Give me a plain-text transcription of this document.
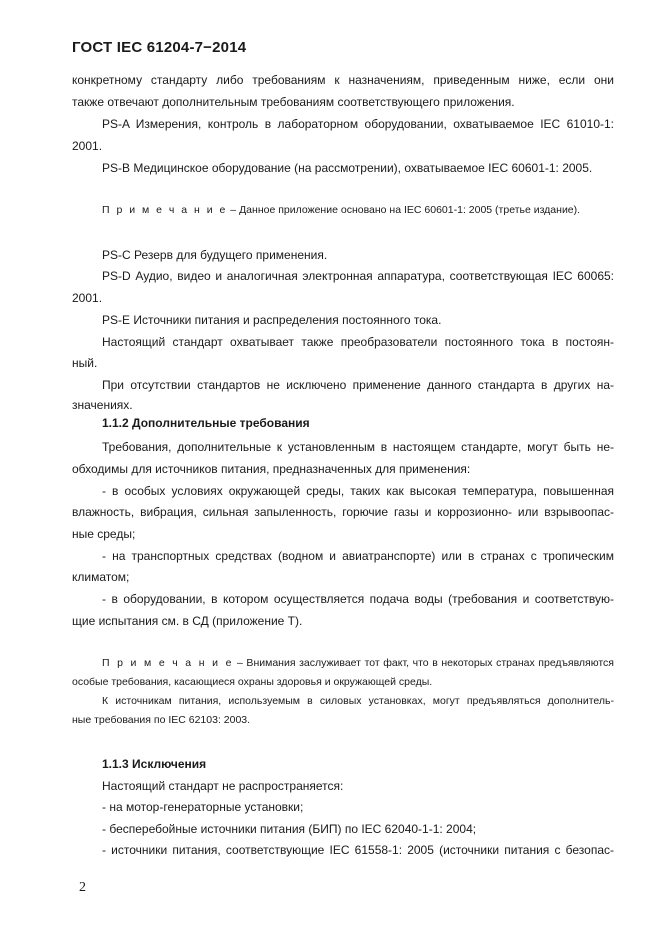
ГОСТ IEC 61204-7−2014
конкретному стандарту либо требованиям к назначениям, приведенным ниже, если они
также отвечают дополнительным требованиям соответствующего приложения.
PS-A Измерения, контроль в лабораторном оборудовании, охватываемое IEC 61010-1:
2001.
PS-B Медицинское оборудование (на рассмотрении), охватываемое IEC 60601-1: 2005.
П р и м е ч а н и е – Данное приложение основано на IEC 60601-1: 2005 (третье издание).
PS-C Резерв для будущего применения.
PS-D Аудио, видео и аналогичная электронная аппаратура, соответствующая IEC 60065:
2001.
PS-E Источники питания и распределения постоянного тока.
Настоящий стандарт охватывает также преобразователи постоянного тока в постоян-
ный.
При отсутствии стандартов не исключено применение данного стандарта в других на-
значениях.
1.1.2 Дополнительные требования
Требования, дополнительные к установленным в настоящем стандарте, могут быть не-
обходимы для источников питания, предназначенных для применения:
- в особых условиях окружающей среды, таких как высокая температура, повышенная
влажность, вибрация, сильная запыленность, горючие газы и коррозионно- или взрывоопас-
ные среды;
- на транспортных средствах (водном и авиатранспорте) или в странах с тропическим
климатом;
- в оборудовании, в котором осуществляется подача воды (требования и соответствую-
щие испытания см. в СД (приложение Т).
П р и м е ч а н и е – Внимания заслуживает тот факт, что в некоторых странах предъявляются
особые требования, касающиеся охраны здоровья и окружающей среды.
К источникам питания, используемым в силовых установках, могут предъявляться дополнитель-
ные требования по IEC 62103: 2003.
1.1.3 Исключения
Настоящий стандарт не распространяется:
- на мотор-генераторные установки;
- бесперебойные источники питания (БИП) по IEC 62040-1-1: 2004;
- источники питания, соответствующие IEC 61558-1: 2005 (источники питания с безопас-
2
